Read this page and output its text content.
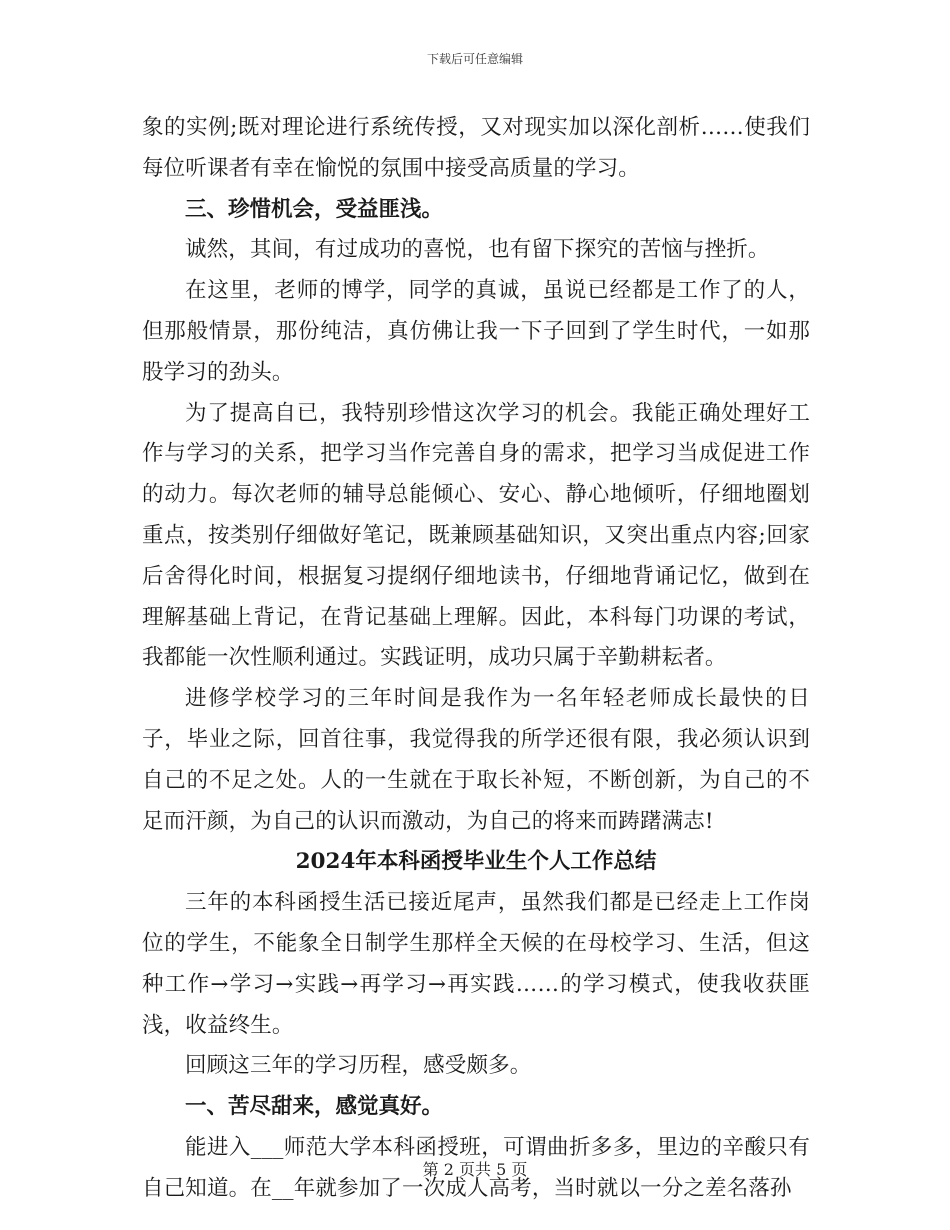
下载后可任意编辑

象的实例;既对理论进行系统传授，又对现实加以深化剖析……使我们每位听课者有幸在愉悦的氛围中接受高质量的学习。

三、珍惜机会，受益匪浅。

诚然，其间，有过成功的喜悦，也有留下探究的苦恼与挫折。

在这里，老师的博学，同学的真诚，虽说已经都是工作了的人，但那般情景，那份纯洁，真仿佛让我一下子回到了学生时代，一如那股学习的劲头。

为了提高自已，我特别珍惜这次学习的机会。我能正确处理好工作与学习的关系，把学习当作完善自身的需求，把学习当成促进工作的动力。每次老师的辅导总能倾心、安心、静心地倾听，仔细地圈划重点，按类别仔细做好笔记，既兼顾基础知识，又突出重点内容;回家后舍得化时间，根据复习提纲仔细地读书，仔细地背诵记忆，做到在理解基础上背记，在背记基础上理解。因此，本科每门功课的考试，我都能一次性顺利通过。实践证明，成功只属于辛勤耕耘者。

进修学校学习的三年时间是我作为一名年轻老师成长最快的日子，毕业之际，回首往事，我觉得我的所学还很有限，我必须认识到自己的不足之处。人的一生就在于取长补短，不断创新，为自己的不足而汗颜，为自己的认识而激动，为自己的将来而踌躇满志!

2024年本科函授毕业生个人工作总结

三年的本科函授生活已接近尾声，虽然我们都是已经走上工作岗位的学生，不能象全日制学生那样全天候的在母校学习、生活，但这种工作→学习→实践→再学习→再实践……的学习模式，使我收获匪浅，收益终生。

回顾这三年的学习历程，感受颇多。

一、苦尽甜来，感觉真好。

能进入___师范大学本科函授班，可谓曲折多多，里边的辛酸只有自己知道。在__年就参加了一次成人高考，当时就以一分之差名落孙

第 2 页共 5 页
